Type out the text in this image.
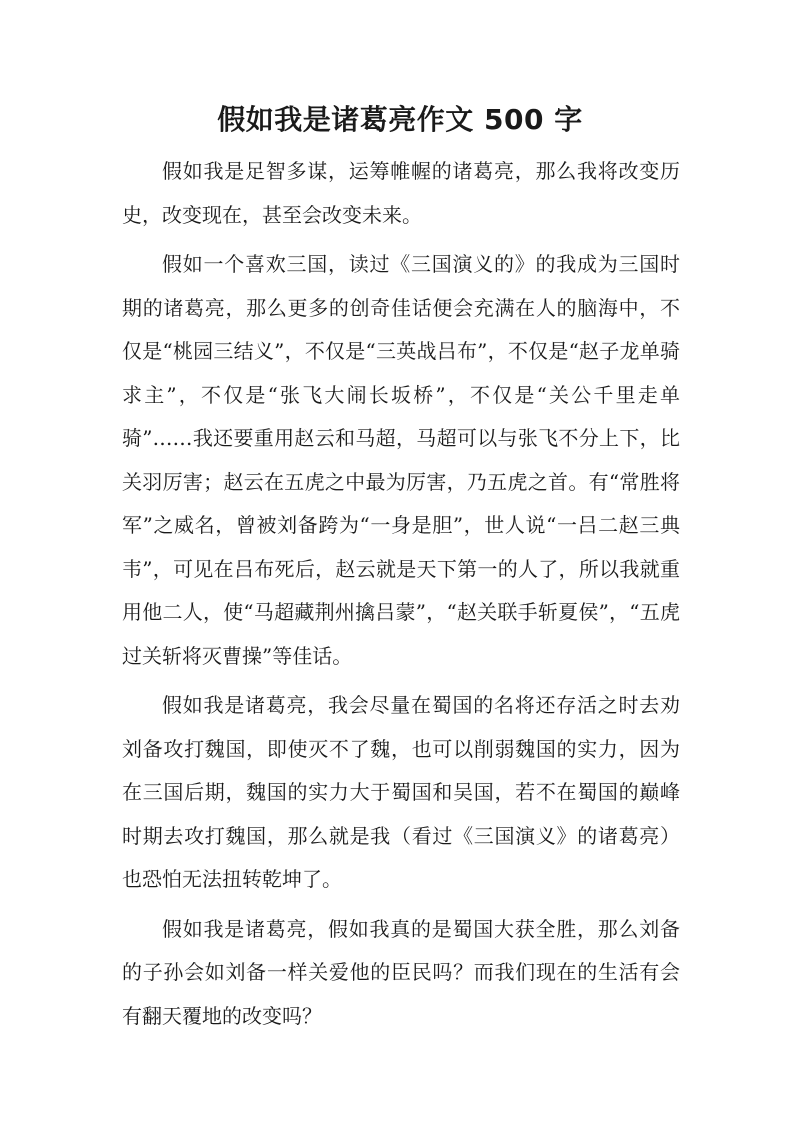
假如我是诸葛亮作文 500 字

假如我是足智多谋，运筹帷幄的诸葛亮，那么我将改变历史，改变现在，甚至会改变未来。

假如一个喜欢三国，读过《三国演义的》的我成为三国时期的诸葛亮，那么更多的创奇佳话便会充满在人的脑海中，不仅是“桃园三结义”，不仅是“三英战吕布”，不仅是“赵子龙单骑求主”，不仅是“张飞大闹长坂桥”，不仅是“关公千里走单骑”……我还要重用赵云和马超，马超可以与张飞不分上下，比关羽厉害；赵云在五虎之中最为厉害，乃五虎之首。有“常胜将军”之威名，曾被刘备跨为“一身是胆”，世人说“一吕二赵三典韦”，可见在吕布死后，赵云就是天下第一的人了，所以我就重用他二人，使“马超藏荆州擒吕蒙”，“赵关联手斩夏侯”，“五虎过关斩将灭曹操”等佳话。

假如我是诸葛亮，我会尽量在蜀国的名将还存活之时去劝刘备攻打魏国，即使灭不了魏，也可以削弱魏国的实力，因为在三国后期，魏国的实力大于蜀国和吴国，若不在蜀国的巅峰时期去攻打魏国，那么就是我（看过《三国演义》的诸葛亮）也恐怕无法扭转乾坤了。

假如我是诸葛亮，假如我真的是蜀国大获全胜，那么刘备的子孙会如刘备一样关爱他的臣民吗？而我们现在的生活有会有翻天覆地的改变吗？
